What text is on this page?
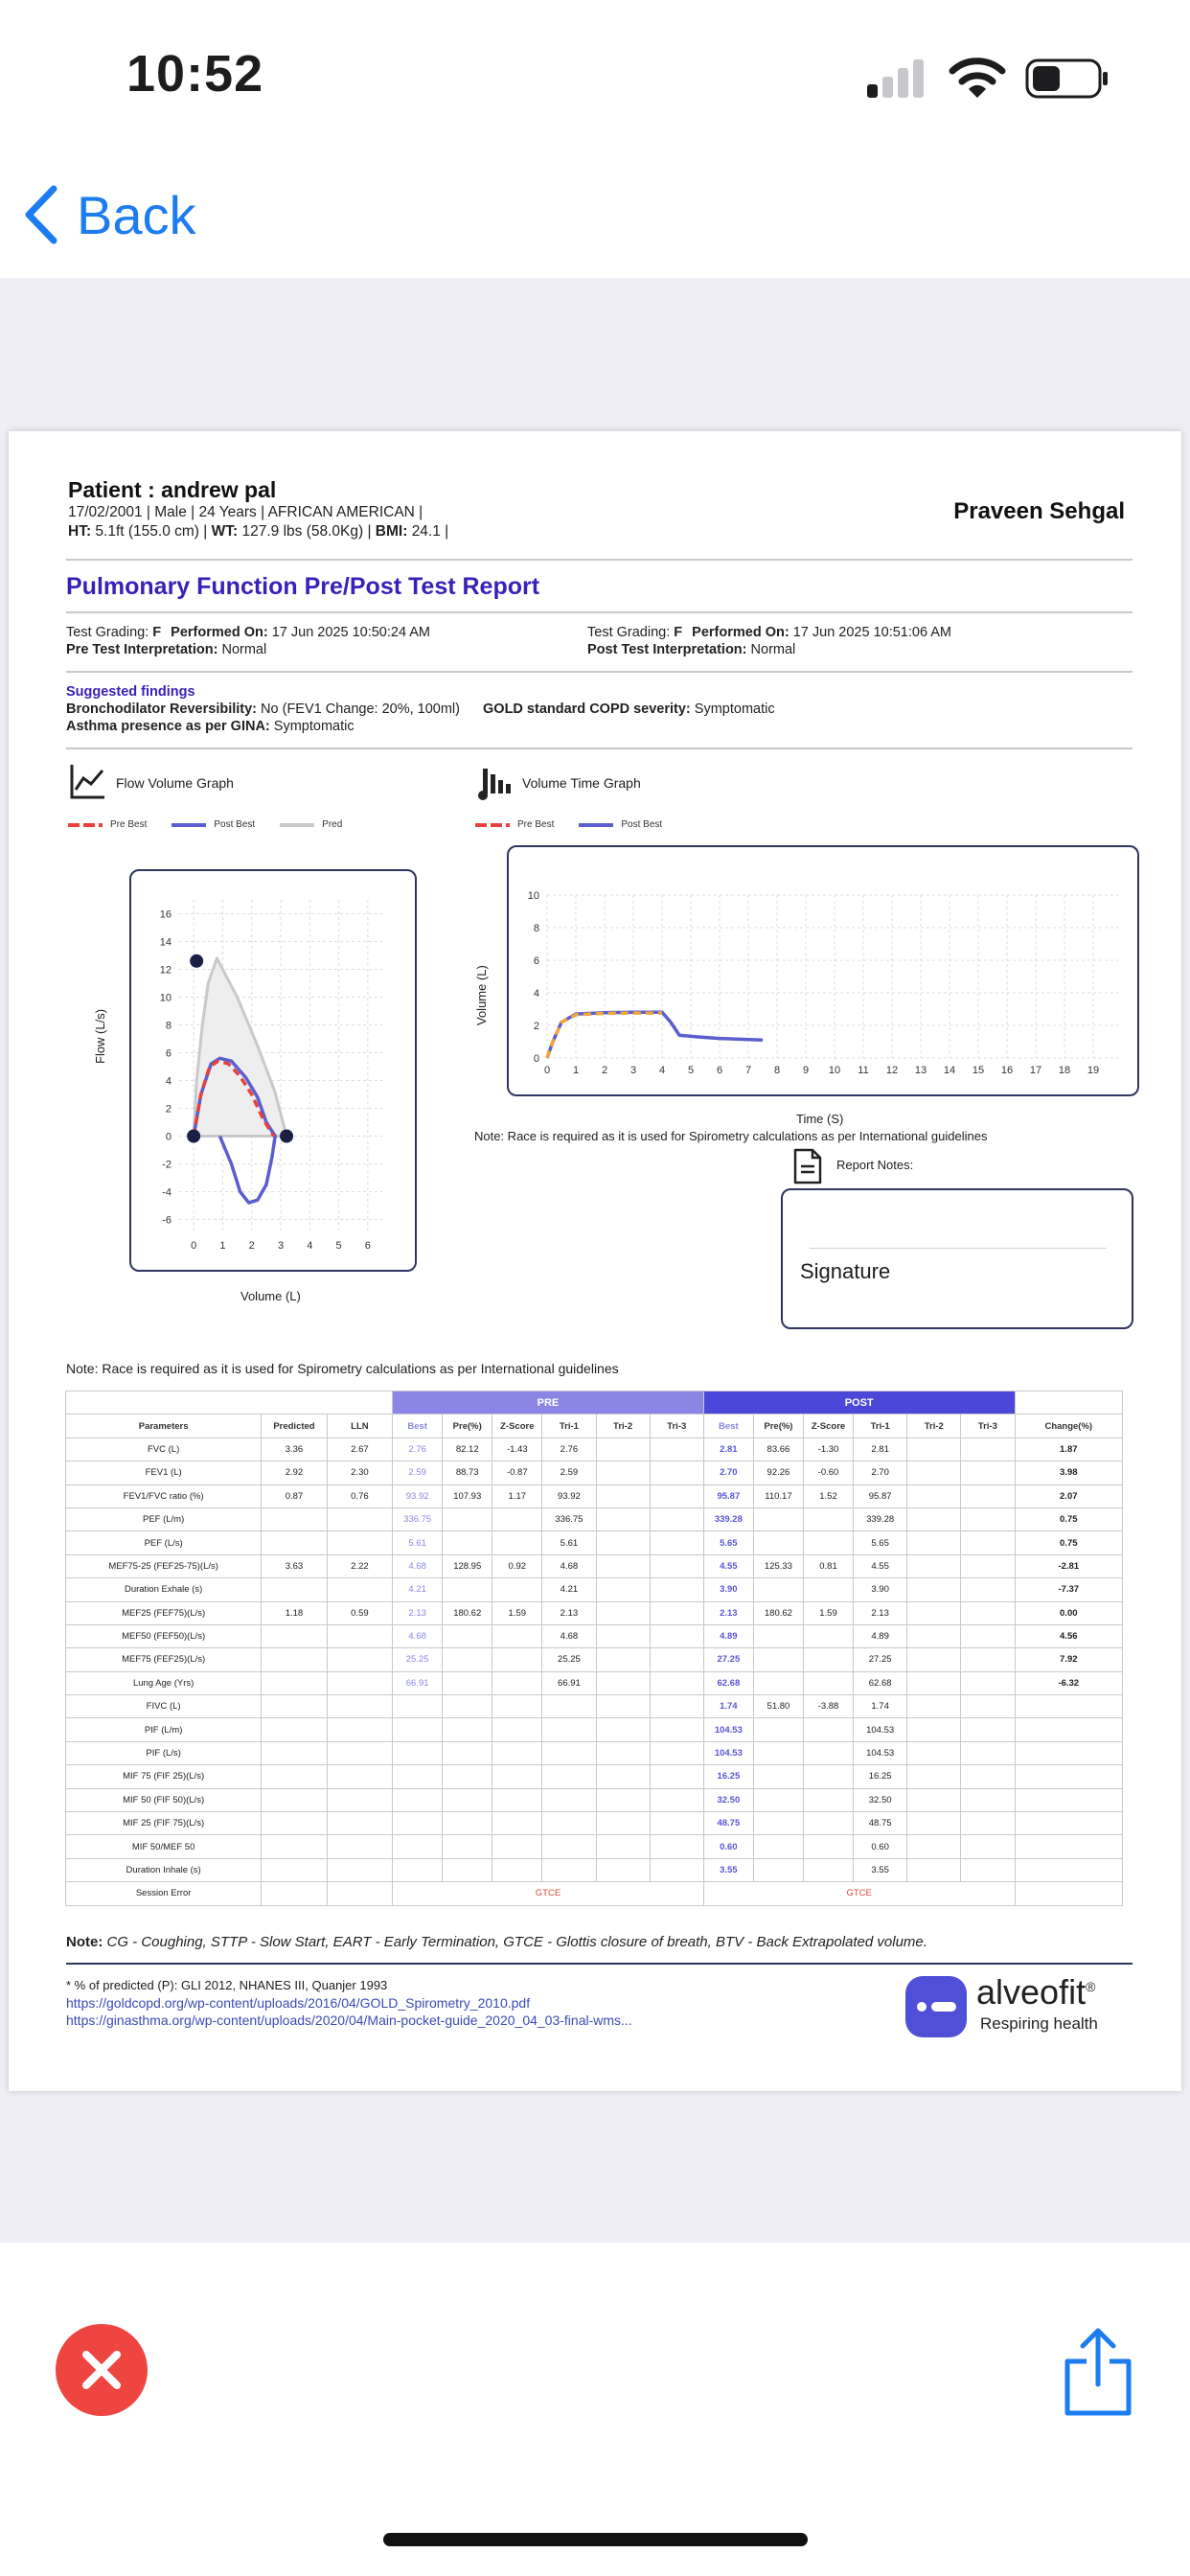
10:52
Back
Patient : andrew pal
17/02/2001 | Male | 24 Years | AFRICAN AMERICAN |
HT: 5.1ft (155.0 cm) | WT: 127.9 lbs (58.0Kg) | BMI: 24.1 |
Praveen Sehgal
Pulmonary Function Pre/Post Test Report
Test Grading: F Performed On: 17 Jun 2025 10:50:24 AM
Pre Test Interpretation: Normal
Test Grading: F Performed On: 17 Jun 2025 10:51:06 AM
Post Test Interpretation: Normal
Suggested findings
Bronchodilator Reversibility: No (FEV1 Change: 20%, 100ml) GOLD standard COPD severity: Symptomatic
Asthma presence as per GINA: Symptomatic
Flow Volume Graph
Pre Best	Post Best	Pred
0 1 2 3 4 5 6
16
14
12
10
8
6
4
2
0
-2
-4
-6
Flow (L/s)
Volume (L)
Volume Time Graph
Pre Best	Post Best
0 1 2 3 4 5 6 7 8 9 10 11 12 13 14 15 16 17 18 19
10
8
6
4
2
0
Volume (L)
Time (S)
Note: Race is required as it is used for Spirometry calculations as per International guidelines
Report Notes:
Signature
Note: Race is required as it is used for Spirometry calculations as per International guidelines
			PRE						POST						
Parameters	Predicted	LLN	Best	Pre(%)	Z-Score	Tri-1	Tri-2	Tri-3	Best	Pre(%)	Z-Score	Tri-1	Tri-2	Tri-3	Change(%)
FVC (L)	3.36	2.67	2.76	82.12	-1.43	2.76			2.81	83.66	-1.30	2.81			1.87
FEV1 (L)	2.92	2.30	2.59	88.73	-0.87	2.59			2.70	92.26	-0.60	2.70			3.98
FEV1/FVC ratio (%)	0.87	0.76	93.92	107.93	1.17	93.92			95.87	110.17	1.52	95.87			2.07
PEF (L/m)			336.75			336.75			339.28			339.28			0.75
PEF (L/s)			5.61			5.61			5.65			5.65			0.75
MEF75-25 (FEF25-75)(L/s)	3.63	2.22	4.68	128.95	0.92	4.68			4.55	125.33	0.81	4.55			-2.81
Duration Exhale (s)			4.21			4.21			3.90			3.90			-7.37
MEF25 (FEF75)(L/s)	1.18	0.59	2.13	180.62	1.59	2.13			2.13	180.62	1.59	2.13			0.00
MEF50 (FEF50)(L/s)			4.68			4.68			4.89			4.89			4.56
MEF75 (FEF25)(L/s)			25.25			25.25			27.25			27.25			7.92
Lung Age (Yrs)			66.91			66.91			62.68			62.68			-6.32
FIVC (L)									1.74	51.80	-3.88	1.74			
PIF (L/m)									104.53			104.53			
PIF (L/s)									104.53			104.53			
MIF 75 (FIF 25)(L/s)									16.25			16.25			
MIF 50 (FIF 50)(L/s)									32.50			32.50			
MIF 25 (FIF 75)(L/s)									48.75			48.75			
MIF 50/MEF 50									0.60			0.60			
Duration Inhale (s)									3.55			3.55			
Session Error			GTCE						GTCE						
Note: CG - Coughing, STTP - Slow Start, EART - Early Termination, GTCE - Glottis closure of breath, BTV - Back Extrapolated volume.
* % of predicted (P): GLI 2012, NHANES III, Quanjer 1993
https://goldcopd.org/wp-content/uploads/2016/04/GOLD_Spirometry_2010.pdf
https://ginasthma.org/wp-content/uploads/2020/04/Main-pocket-guide_2020_04_03-final-wms...
alveofit®
Respiring health
